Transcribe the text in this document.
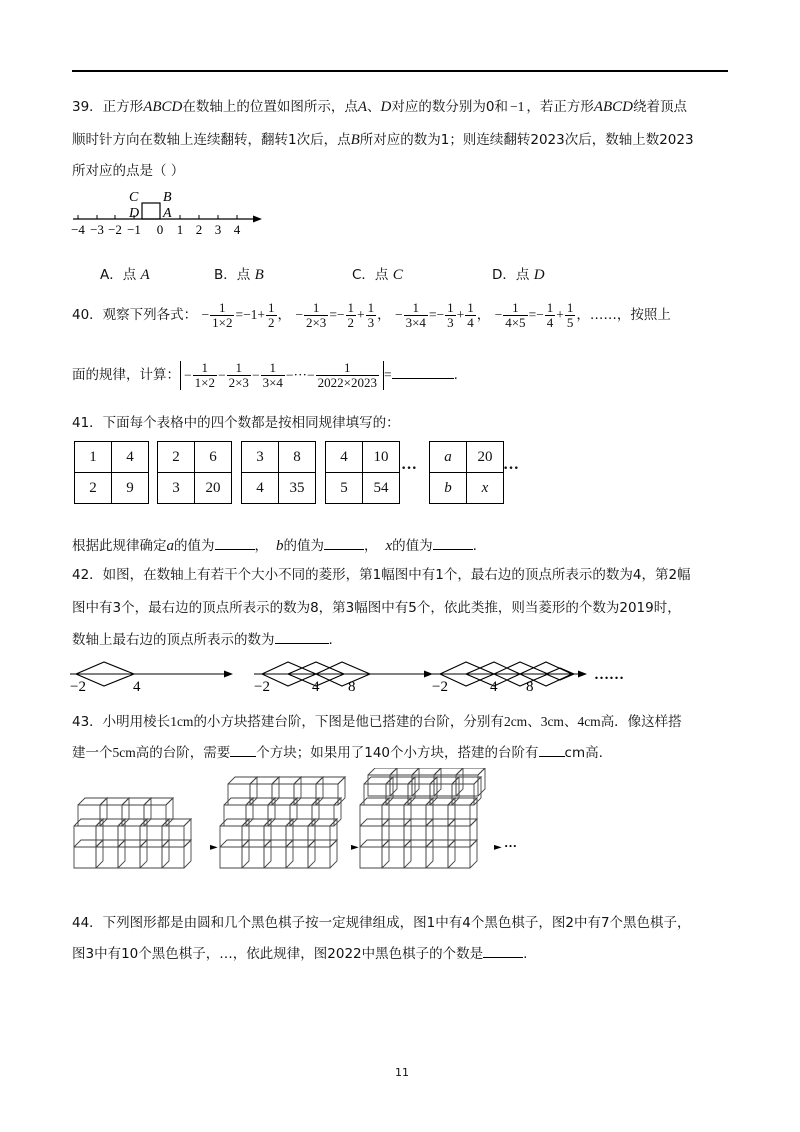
39．正方形ABCD在数轴上的位置如图所示，点A、D对应的数分别为0和 −1 ，若正方形ABCD绕着顶点
顺时针方向在数轴上连续翻转，翻转1次后，点B所对应的数为1；则连续翻转2023次后，数轴上数2023
所对应的点是（ ）
C B
D A
−4 −3 −2 −1 0 1 2 3 4
A．点 A	B．点 B	C．点 C	D．点 D
40．观察下列各式： − $\frac{1}{1\times 2} =-1+ \frac{1}{2}$ ， − $\frac{1}{2\times 3} =- \frac{1}{2} + \frac{1}{3}$ ， − $\frac{1}{3\times 4} =- \frac{1}{3} + \frac{1}{4}$ ， − $\frac{1}{4\times 5} =- \frac{1}{4} + \frac{1}{5}$ ，……，按照上
面的规律，计算： − $\frac{1}{1\times 2} - \frac{1}{2\times 3} - \frac{1}{3\times 4}$ −···− $\frac{1}{2022\times 2023}$ =	.
41．下面每个表格中的四个数都是按相同规律填写的：
1	4
2	9
2	6
3	20
3	8
4	35
4	10
5	54
···
a	20
b	x
···
根据此规律确定a的值为	， b的值为	， x的值为	.
42．如图，在数轴上有若干个大小不同的菱形，第1幅图中有1个，最右边的顶点所表示的数为4，第2幅
图中有3个，最右边的顶点所表示的数为8，第3幅图中有5个，依此类推，则当菱形的个数为2019时，
数轴上最右边的顶点所表示的数为	.
−2	4	−2	4 8	−2	4 8
……
43．小明用棱长1cm的小方块搭建台阶，下图是他已搭建的台阶，分别有2cm、3cm、4cm高．像这样搭
建一个5cm高的台阶，需要 个方块；如果用了140个小方块，搭建的台阶有 cm高.
►	►	► ···
44．下列图形都是由圆和几个黑色棋子按一定规律组成，图1中有4个黑色棋子，图2中有7个黑色棋子，
图3中有10个黑色棋子，…，依此规律，图2022中黑色棋子的个数是	.
11
